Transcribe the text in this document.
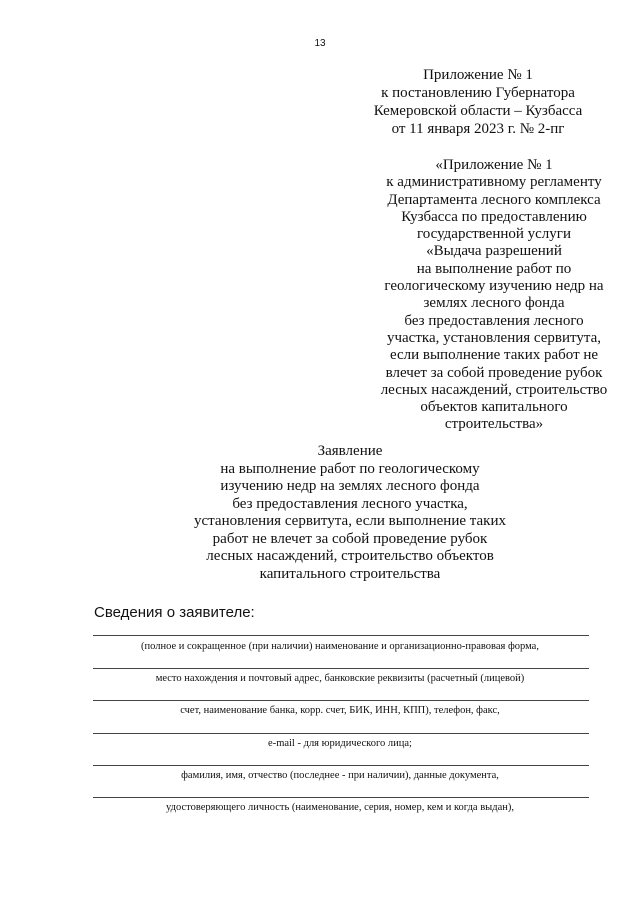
13
Приложение № 1
к постановлению Губернатора
Кемеровской области – Кузбасса
от 11 января 2023 г. № 2-пг
«Приложение № 1
к административному регламенту
Департамента лесного комплекса
Кузбасса по предоставлению
государственной услуги
«Выдача разрешений
на выполнение работ по
геологическому изучению недр на
землях лесного фонда
без предоставления лесного
участка, установления сервитута,
если выполнение таких работ не
влечет за собой проведение рубок
лесных насаждений, строительство
объектов капитального
строительства»
Заявление
на выполнение работ по геологическому
изучению недр на землях лесного фонда
без предоставления лесного участка,
установления сервитута, если выполнение таких
работ не влечет за собой проведение рубок
лесных насаждений, строительство объектов
капитального строительства
Сведения о заявителе:
(полное и сокращенное (при наличии) наименование и организационно-правовая форма,
место нахождения и почтовый адрес, банковские реквизиты (расчетный (лицевой)
счет, наименование банка, корр. счет, БИК, ИНН, КПП), телефон, факс,
e-mail - для юридического лица;
фамилия, имя, отчество (последнее - при наличии), данные документа,
удостоверяющего личность (наименование, серия, номер, кем и когда выдан),
